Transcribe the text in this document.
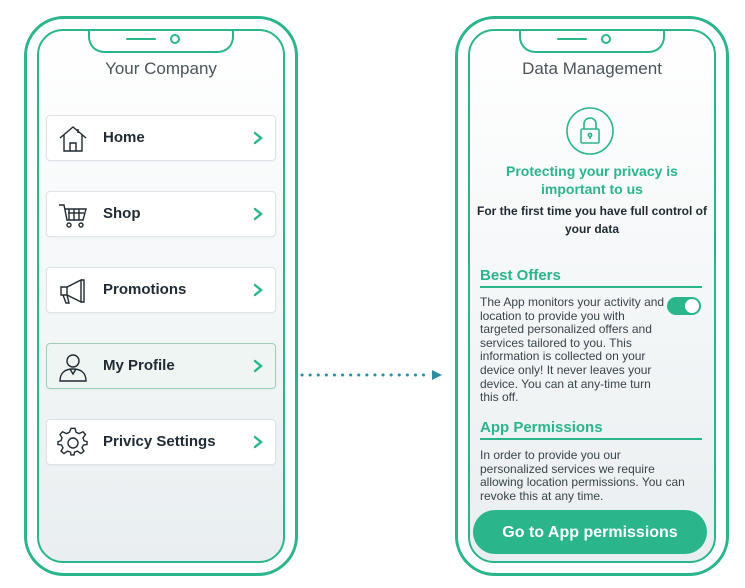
Your Company
Home
Shop
Promotions
My Profile
Privicy Settings
Data Management
Protecting your privacy is important to us
For the first time you have full control of your data
Best Offers
The App monitors your activity and location to provide you with targeted personalized offers and services tailored to you. This information is collected on your device only! It never leaves your device. You can at any-time turn this off.
App Permissions
In order to provide you our personalized services we require allowing location permissions. You can revoke this at any time.
Go to App permissions
